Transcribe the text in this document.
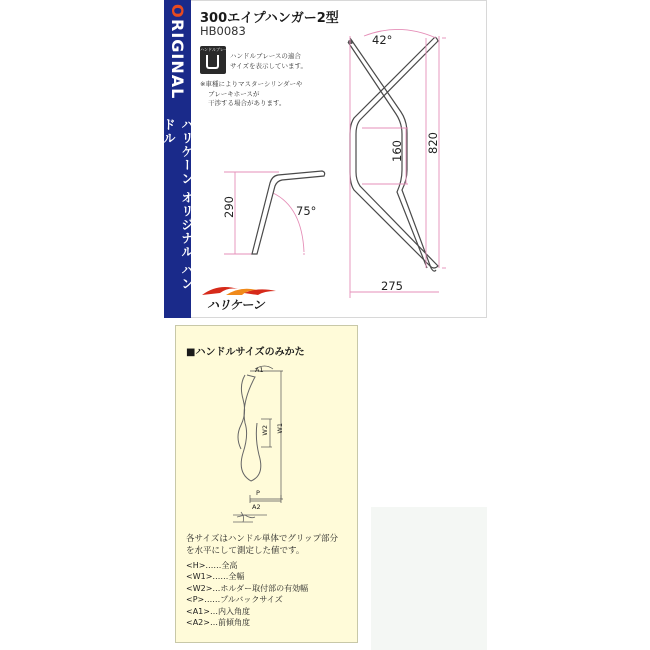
O
RIGINAL
ハリケーン オリジナル ハンドル
300エイプハンガー2型
HB0083
ハンドルブレース
ハンドルブレースの適合
サイズを表示しています。
※車種によりマスターシリンダーや
ブレーキホースが
干渉する場合があります。
42°
160 820
275
290	75°
ハリケーン
■ハンドルサイズのみかた
A1
W1
W2
P
A2
各サイズはハンドル単体でグリップ部分
を水平にして測定した値です。
<H>……全高
<W1>……全幅
<W2>…ホルダー取付部の有効幅
<P>……プルバックサイズ
<A1>…内入角度
<A2>…前傾角度
